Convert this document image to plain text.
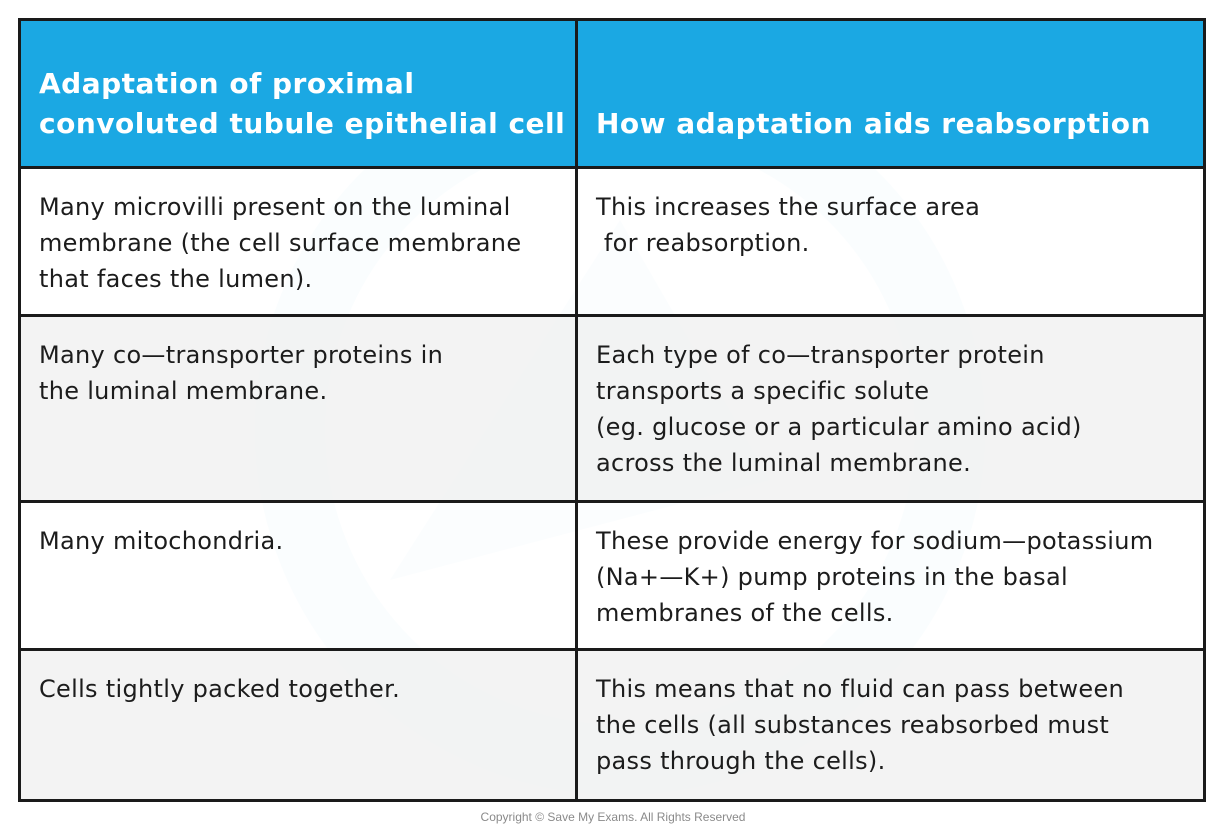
Adaptation of proximal
convoluted tubule epithelial cell How adaptation aids reabsorption
Many microvilli present on the luminal
membrane (the cell surface membrane
that faces the lumen).
This increases the surface area
for reabsorption.
Many co—transporter proteins in
the luminal membrane.
Each type of co—transporter protein
transports a specific solute
(eg. glucose or a particular amino acid)
across the luminal membrane.
Many mitochondria.	These provide energy for sodium—potassium
(Na+—K+) pump proteins in the basal
membranes of the cells.
Cells tightly packed together.	This means that no fluid can pass between
the cells (all substances reabsorbed must
pass through the cells).
Copyright © Save My Exams. All Rights Reserved
